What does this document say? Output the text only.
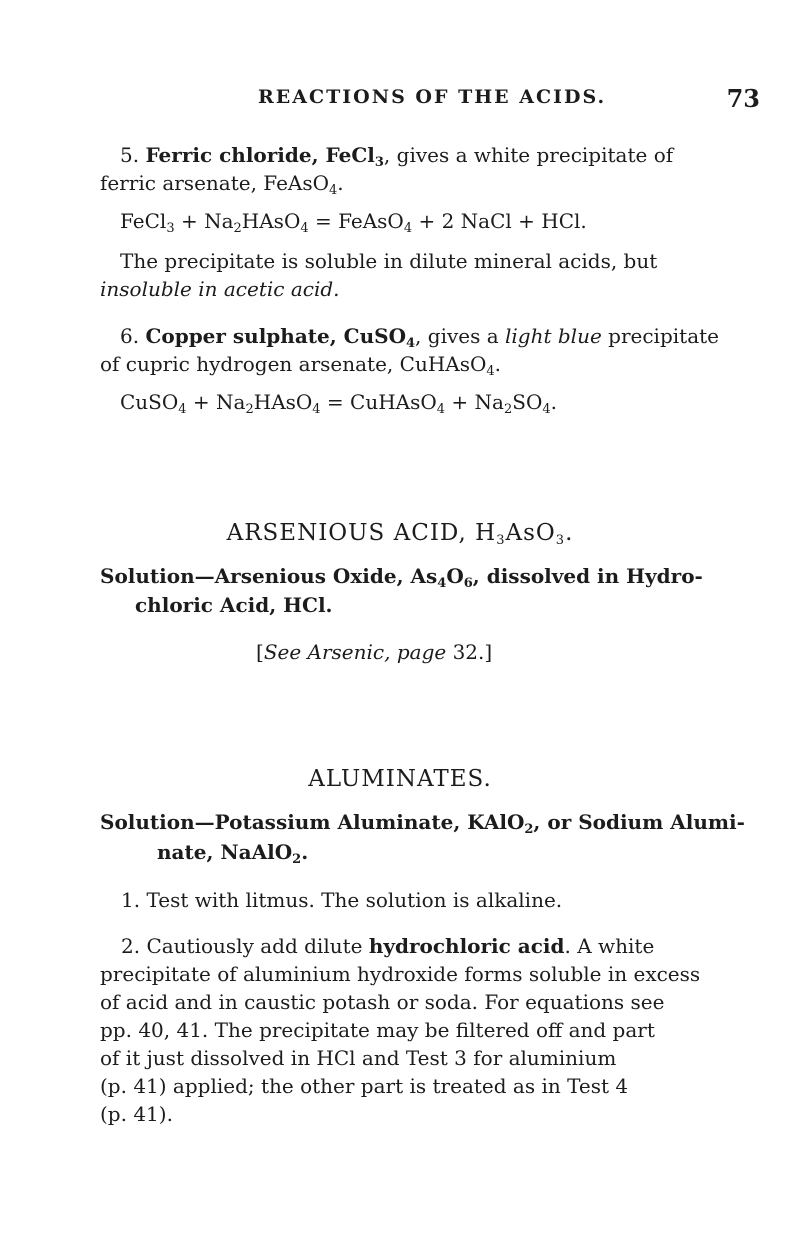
REACTIONS OF THE ACIDS.	73
5. Ferric chloride, FeCl$_3$, gives a white precipitate of
ferric arsenate, FeAsO$_4$.
FeCl$_3$ + $Na_2HAsO_4$ = FeAsO$_4$ + 2 NaCl + HCl.
The precipitate is soluble in dilute mineral acids, but
insoluble in acetic acid.
6. Copper sulphate, CuSO$_4$, gives a light blue precipitate
of cupric hydrogen arsenate, CuHAsO$_4$.
CuSO$_4$ + $Na_2HAsO_4$ = CuHAsO$_4$ + $Na_2SO_4$.
ARSENIOUS ACID, $H_3AsO_3$.
Solution—Arsenious Oxide, $As_4O_6$, dissolved in Hydro-
chloric Acid, HCl.
[See Arsenic, page 32.]
ALUMINATES.
Solution—Potassium Aluminate, KAlO$_2$, or Sodium Alumi-
nate, NaAlO$_2$.
1. Test with litmus. The solution is alkaline.
2. Cautiously add dilute hydrochloric acid. A white
precipitate of aluminium hydroxide forms soluble in excess
of acid and in caustic potash or soda. For equations see
pp. 40, 41. The precipitate may be filtered off and part
of it just dissolved in HCl and Test 3 for aluminium
(p. 41) applied; the other part is treated as in Test 4
(p. 41).
